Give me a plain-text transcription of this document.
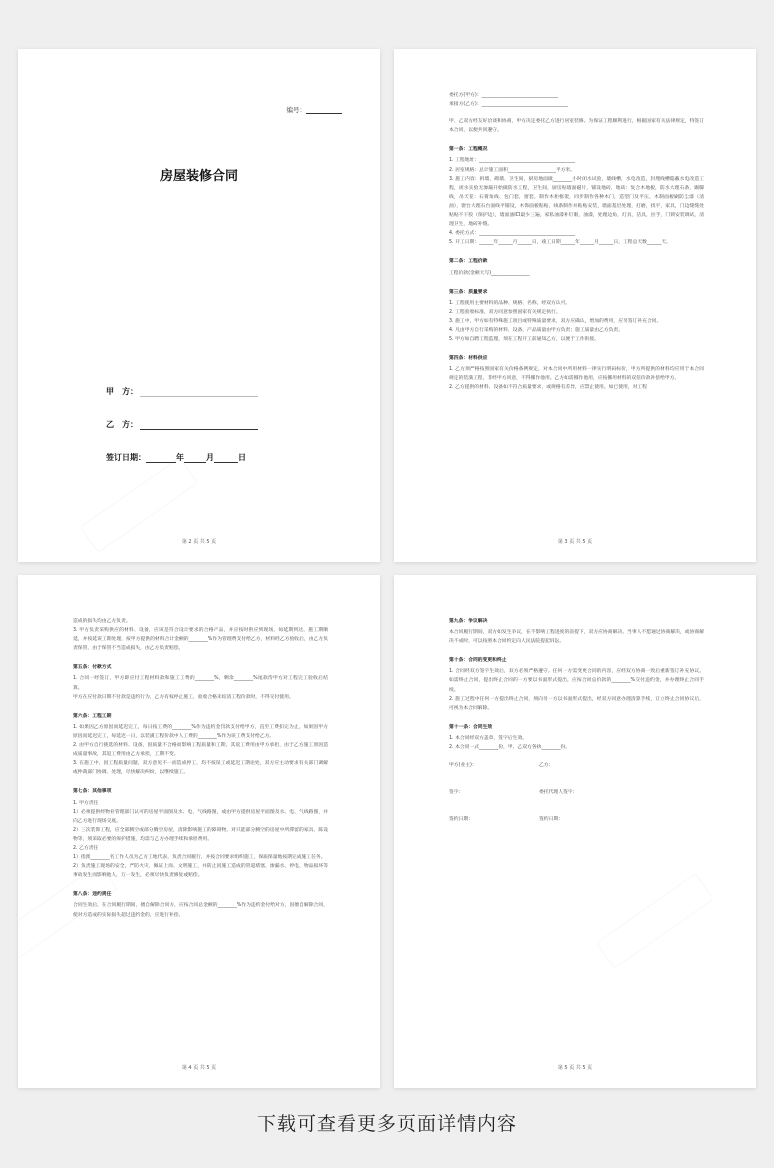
编号：
房屋装修合同
甲　方：
乙　方：
签订日期：	年	月	日
第 2 页 共 5 页

委托方(甲方)：________________________________

承接方(乙方)：____________________________________

甲、乙双方经友好洽谈和协商，甲方决定委托乙方进行居室装修。为保证工程顺利进行，根据国家有关法律规定，特签订本合同，以便共同遵守。

第一条：工程概况

1. 工程地址：________________________________________

2. 居室规格：总计施工面积____________________平方米。

3. 施工内容：拆墙、砌墙、卫生间，厨房地面做________小时闭水试验，墙线槽，水电改造，封埋线槽隐蔽水电改造工程，闭水实验无渗漏开始做防水工程，卫生间，厨房贴墙面磁片，铺设地砖，地砖：复合木地板，防水大理石条，踢脚线，吊天花：石膏角线、包门套，窗套，制作木柜框架，同步制作各种木门，造型门及平压，木制面板刷防尘漆（清油），窗台大理石台面线平铺设，木饰面板粘贴，线条制作并粘贴安装，墙面基层处理，打磨，找平，家具，门边缝缝处贴贴不干胶（保护边），墙面油ICI最少三遍，家私油漆补钉眼，油漆，处理边角，灯具，洁具，拉手，门锁安装调试，清理卫生，地砖补缝。

4. 委托方式：________________________________________

5. 开工日期：______年______月______日，竣工日期______年______月______日，工程总天数______天。

第二条：工程价款

工程价款(金额大写)________________

第三条：质量要求

1. 工程使用主要材料的品种、规格、名称，经双方认可。

2. 工程验收标准，双方同意参照国家有关规定执行。

3. 施工中，甲方如有特殊施工项目或特殊质量要求，双方应确认，增加的费用，应另签订补充合同。

4. 凡由甲方自行采购的材料、设备，产品质量由甲方负责；施工质量由乙方负责。

5. 甲方如自聘工程监理，须在工程开工前通知乙方，以便于工作衔接。

第四条：材料供应

1. 乙方须严格按照国家有关价格条例规定，对本合同中所用材料一律实行明码标价，甲方所提供的材料均应用于本合同规定的装潢工程，非经甲方同意，不得挪作他用。乙方如需挪作他用，应按挪用材料的双倍价款补偿给甲方。

2. 乙方提供的材料、设备如不符合质量要求，或规格有差异，应禁止使用。如已使用，对工程

第 3 页 共 5 页

造成的损失均由乙方负责。

3. 甲方负责采购供应的材料、设备，应该是符合设计要求的合格产品，并应按时供应到现场，如延期到达，施工期顺延，并按延误工期处理，按甲方提供的材料合计金额的________%作为管理费支付给乙方，材料经乙方验收后，由乙方负责保管，由于保管不当造成损失，由乙方负责赔偿。

第五条：付款方式

1. 合同一经签订，甲方即应付工程材料款和施工工费的________%，剩余________%尾款待甲方对工程完工验收后结算。

甲方在应付款日期不付款是违约行为，乙方有权停止施工，验收合格未结清工程价款时，不得交付使用。

第六条：工程工期

1. 如果因乙方原因而延迟完工，每日按工费的________%作为违约金罚款支付给甲方，直至工费扣完为止，如果因甲方原因而延迟完工，每延迟一日，以装潢工程价款中人工费的________%作为误工费支付给乙方。

2. 由甲方自行挑选的材料、设备，因质量不合格而影响工程质量和工期，其返工费用由甲方承担，由于乙方施工原因造成质量事故，其返工费用由乙方承担，工期不变。

3. 在施工中，因工程质量问题，双方意见不一而造成停工，均不按误工或延迟工期论处，双方应主动要求有关部门调解或仲裁部门协调、处理，尽快解决纠纷，以继续施工。

第七条：其他事项

1. 甲方责任

1）必须提供经物业管理部门认可的房屋平面图及水、电、气线路图，或由甲方提供房屋平面图及水、电、气线路图，并向乙方进行现场交底。

2）三次装饰工程，应全部腾空或部分腾空房屋，清除影响施工的障碍物，对只能部分腾空的房屋中所滞留的家具、陈设物等，须采取必要的保护措施，均需与乙方办理手续和承担费用。

2. 乙方责任

1）指派________名工作人员为乙方工地代表，负责合同履行，并按合同要求组织施工，保质保量地按期完成施工任务。

2）负责施工现场的安全，严防火灾、佩证上岗、文明施工，并防止因施工造成的管道堵塞、渗漏水、停电、物品损坏等事故发生而影响他人，万一发生，必须尽快负责修复或赔偿。

第八条：违约责任

合同生效后，在合同履行期间，擅自解除合同方，应按合同总金额的________%作为违约金付给对方，因擅自解除合同，使对方造成的实际损失超过违约金的，应进行补偿。

第 4 页 共 5 页

第九条：争议解决

本合同履行期间，双方如发生争议，在不影响工程进度的前提下，双方应协商解决。当事人不愿通过协商解决，或协商解决不成时，可以按照本合同约定向人民法院提起诉讼。

第十条：合同的变更和终止

1. 合同经双方签字生效后，双方必须严格遵守。任何一方需变更合同的内容，应经双方协商一致后重新签订补充协议。如需终止合同，提出终止合同的一方要以书面形式提出，应按合同总价款的________%交付违约金，并办理终止合同手续。

2. 施工过程中任何一方提出终止合同，须向另一方以书面形式提出，经双方同意办理清算手续，订立终止合同协议后，可视为本合同解除。

第十一条：合同生效

1. 本合同经双方盖章、签字后生效。

2. 本合同一式________份，甲、乙双方各执________份。

甲方(业主)：	乙方：
签字：	委托代理人签字：
签约日期：	签约日期：
第 5 页 共 5 页
下载可查看更多页面详情内容
